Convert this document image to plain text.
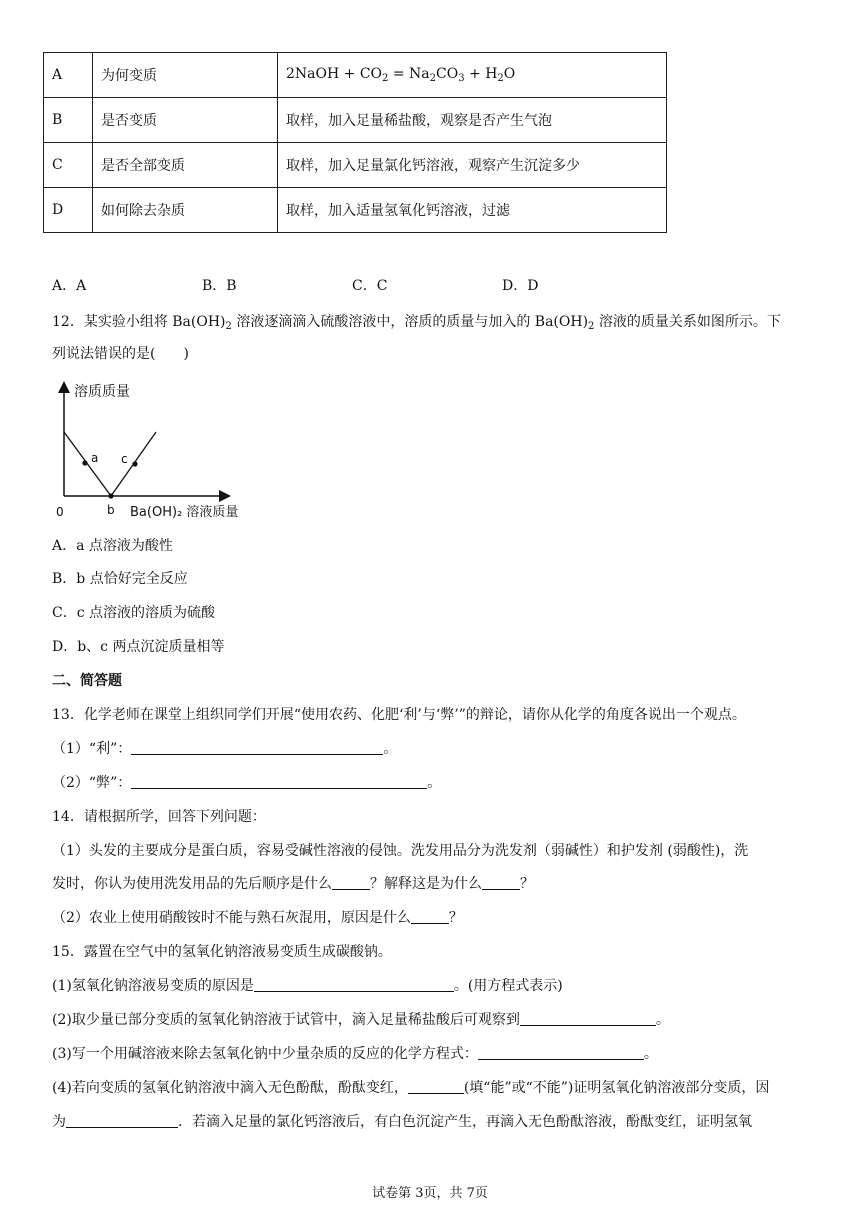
A	为何变质	2NaOH + $CO_2 = Na_2CO_3 + H_2O$
B	是否变质	取样，加入足量稀盐酸，观察是否产生气泡
C	是否全部变质	取样，加入足量氯化钙溶液，观察产生沉淀多少
D	如何除去杂质	取样，加入适量氢氧化钙溶液，过滤
A．A	B．B	C．C	D．D
12．某实验小组将 $Ba(OH)_2$ 溶液逐滴滴入硫酸溶液中，溶质的质量与加入的 $Ba(OH)_2$ 溶液的质量关系如图所示。下
列说法错误的是(　　)
溶质质量
a c
b
0	Ba(OH)₂ 溶液质量
A．a 点溶液为酸性
B．b 点恰好完全反应
C．c 点溶液的溶质为硫酸
D．b、c 两点沉淀质量相等
二、简答题
13．化学老师在课堂上组织同学们开展“使用农药、化肥‘利’与‘弊’”的辩论，请你从化学的角度各说出一个观点。
（1）“利”：	。
（2）“弊”：	。
14．请根据所学，回答下列问题：
（1）头发的主要成分是蛋白质，容易受碱性溶液的侵蚀。洗发用品分为洗发剂（弱碱性）和护发剂 (弱酸性)，洗
发时，你认为使用洗发用品的先后顺序是什么	？解释这是为什么	？
（2）农业上使用硝酸铵时不能与熟石灰混用，原因是什么	？
15．露置在空气中的氢氧化钠溶液易变质生成碳酸钠。
(1)氢氧化钠溶液易变质的原因是	。(用方程式表示)
(2)取少量已部分变质的氢氧化钠溶液于试管中，滴入足量稀盐酸后可观察到	。
(3)写一个用碱溶液来除去氢氧化钠中少量杂质的反应的化学方程式：	。
(4)若向变质的氢氧化钠溶液中滴入无色酚酞，酚酞变红，	(填“能”或“不能”)证明氢氧化钠溶液部分变质，因
为	．若滴入足量的氯化钙溶液后，有白色沉淀产生，再滴入无色酚酞溶液，酚酞变红，证明氢氧
试卷第 3页，共 7页
